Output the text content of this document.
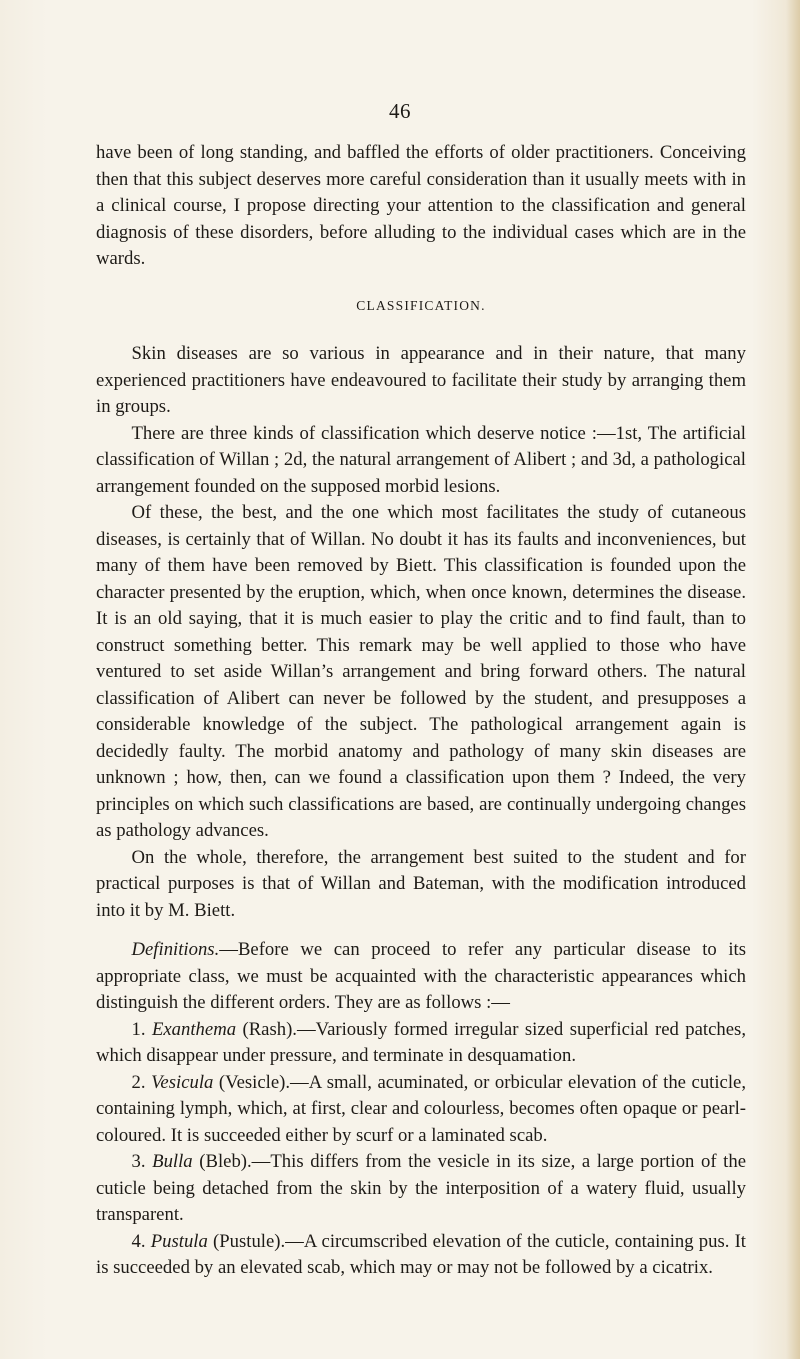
46

have been of long standing, and baffled the efforts of older practitioners. Conceiving then that this subject deserves more careful consideration than it usually meets with in a clinical course, I propose directing your attention to the classification and general diagnosis of these disorders, before alluding to the individual cases which are in the wards.

CLASSIFICATION.

Skin diseases are so various in appearance and in their nature, that many experienced practitioners have endeavoured to facilitate their study by arranging them in groups.

There are three kinds of classification which deserve notice :—1st, The artificial classification of Willan ; 2d, the natural arrangement of Alibert ; and 3d, a pathological arrangement founded on the supposed morbid lesions.

Of these, the best, and the one which most facilitates the study of cutaneous diseases, is certainly that of Willan. No doubt it has its faults and inconveniences, but many of them have been removed by Biett. This classification is founded upon the character presented by the eruption, which, when once known, determines the disease. It is an old saying, that it is much easier to play the critic and to find fault, than to construct something better. This remark may be well applied to those who have ventured to set aside Willan’s arrangement and bring forward others. The natural classification of Alibert can never be followed by the student, and presupposes a considerable knowledge of the subject. The pathological arrangement again is decidedly faulty. The morbid anatomy and pathology of many skin diseases are unknown ; how, then, can we found a classification upon them ? Indeed, the very principles on which such classifications are based, are continually undergoing changes as pathology advances.

On the whole, therefore, the arrangement best suited to the student and for practical purposes is that of Willan and Bateman, with the modification introduced into it by M. Biett.

Definitions.—Before we can proceed to refer any particular disease to its appropriate class, we must be acquainted with the characteristic appearances which distinguish the different orders. They are as follows :—

1. Exanthema (Rash).—Variously formed irregular sized superficial red patches, which disappear under pressure, and terminate in desquamation.

2. Vesicula (Vesicle).—A small, acuminated, or orbicular elevation of the cuticle, containing lymph, which, at first, clear and colourless, becomes often opaque or pearl-coloured. It is succeeded either by scurf or a laminated scab.

3. Bulla (Bleb).—This differs from the vesicle in its size, a large portion of the cuticle being detached from the skin by the interposition of a watery fluid, usually transparent.

4. Pustula (Pustule).—A circumscribed elevation of the cuticle, containing pus. It is succeeded by an elevated scab, which may or may not be followed by a cicatrix.
